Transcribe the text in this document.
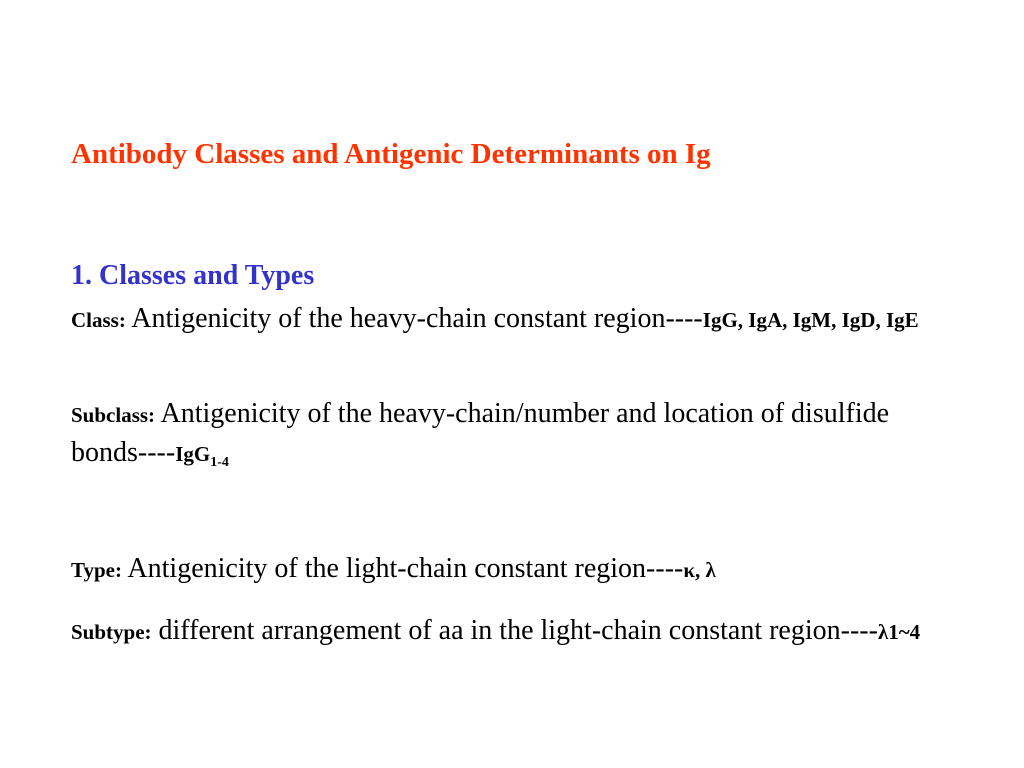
Antibody Classes and Antigenic Determinants on Ig
1. Classes and Types
Class: Antigenicity of the heavy-chain constant region----IgG, IgA, IgM, IgD, IgE
Subclass: Antigenicity of the heavy-chain/number and location of disulfide bonds----IgG$_{1-4}$
Type: Antigenicity of the light-chain constant region----κ, λ
Subtype: different arrangement of aa in the light-chain constant region----λ1~4
